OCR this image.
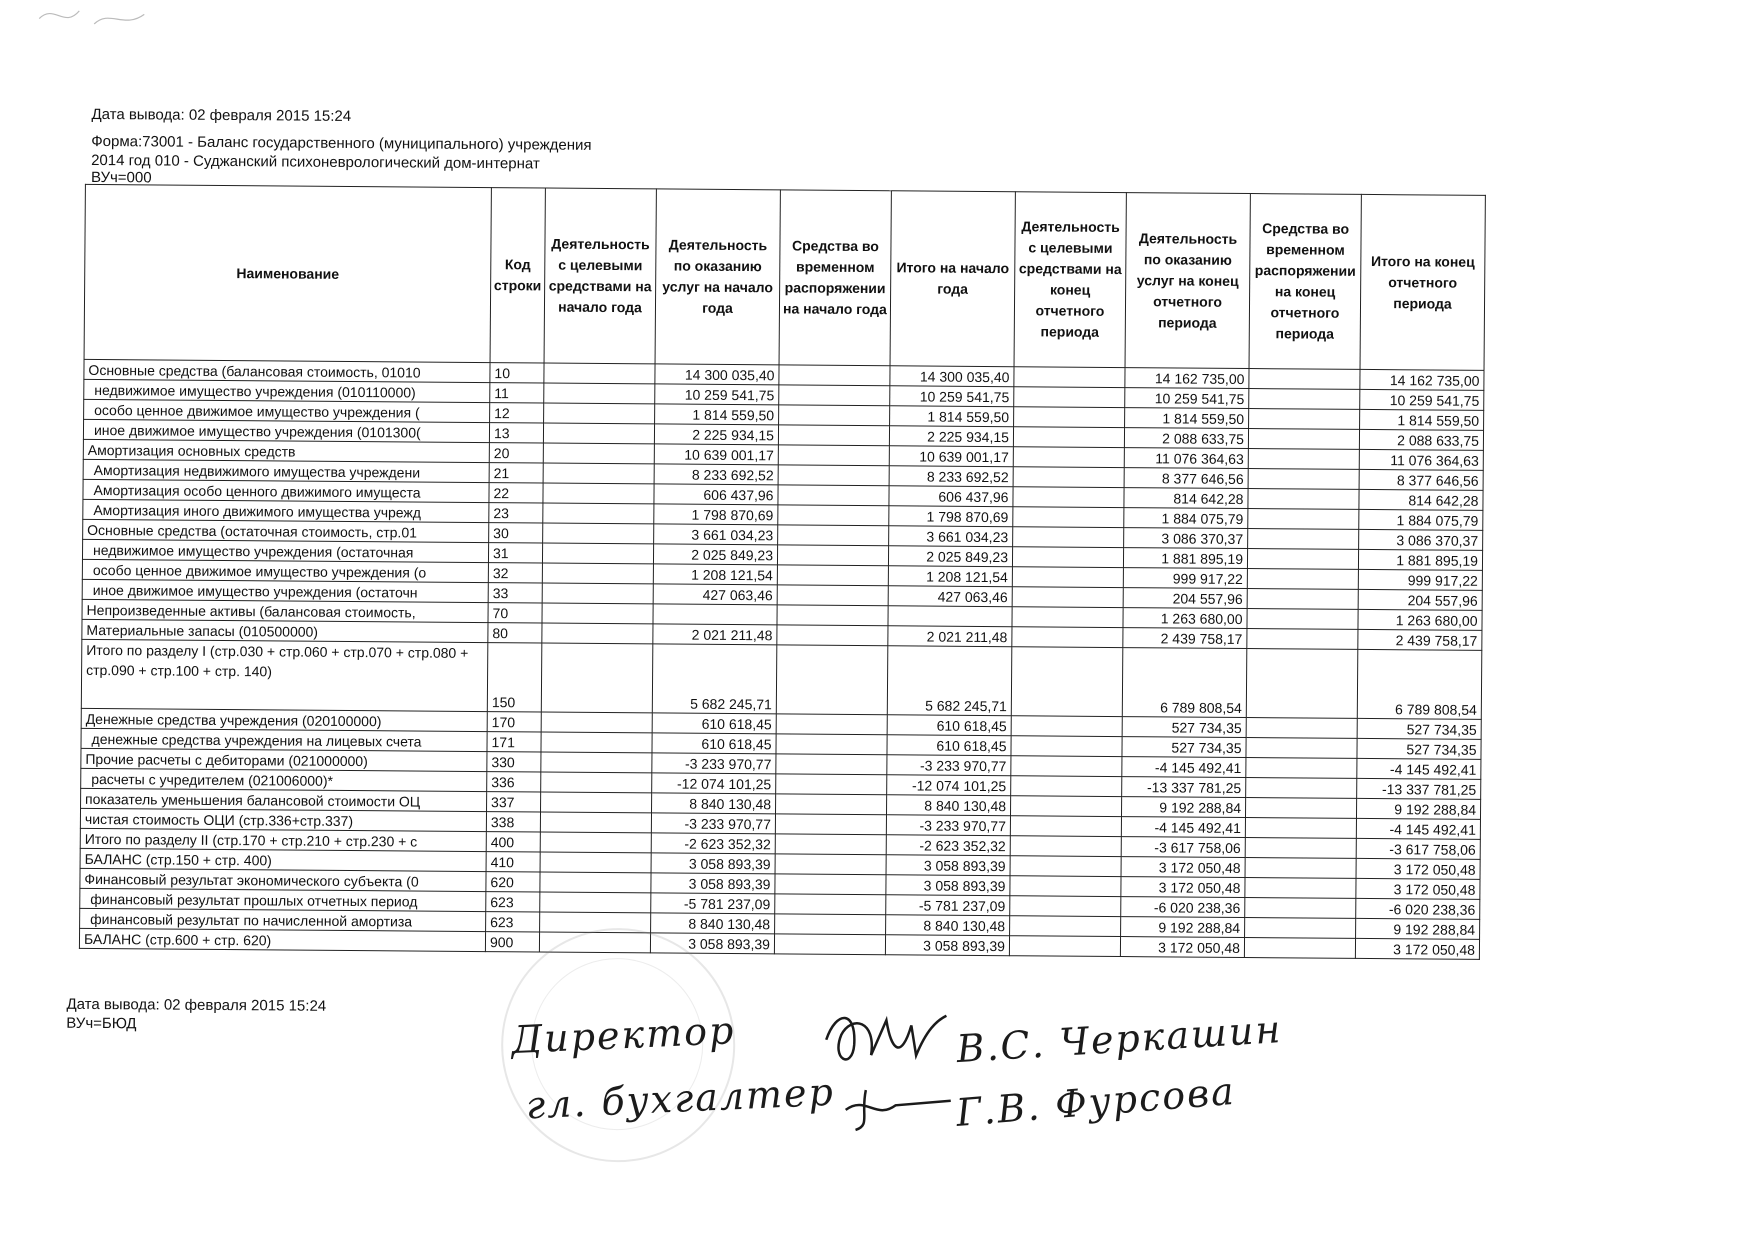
Дата вывода: 02 февраля 2015 15:24
Форма:73001 - Баланс государственного (муниципального) учреждения
2014 год 010 - Суджанский психоневрологический дом-интернат
ВУч=000
Наименование	Код строки	Деятельность с целевыми средствами на начало года	Деятельность по оказанию услуг на начало года	Средства во временном распоряжении на начало года	Итого на начало года	Деятельность с целевыми средствами на конец отчетного периода	Деятельность по оказанию услуг на конец отчетного периода	Средства во временном распоряжении на конец отчетного периода	Итого на конец отчетного периода
Основные средства (балансовая стоимость, 01010	10		14 300 035,40		14 300 035,40		14 162 735,00		14 162 735,00
недвижимое имущество учреждения (010110000)	11		10 259 541,75		10 259 541,75		10 259 541,75		10 259 541,75
особо ценное движимое имущество учреждения (	12		1 814 559,50		1 814 559,50		1 814 559,50		1 814 559,50
иное движимое имущество учреждения (0101300(	13		2 225 934,15		2 225 934,15		2 088 633,75		2 088 633,75
Амортизация основных средств	20		10 639 001,17		10 639 001,17		11 076 364,63		11 076 364,63
Амортизация недвижимого имущества учреждени	21		8 233 692,52		8 233 692,52		8 377 646,56		8 377 646,56
Амортизация особо ценного движимого имущеста	22		606 437,96		606 437,96		814 642,28		814 642,28
Амортизация иного движимого имущества учрежд	23		1 798 870,69		1 798 870,69		1 884 075,79		1 884 075,79
Основные средства (остаточная стоимость, стр.01	30		3 661 034,23		3 661 034,23		3 086 370,37		3 086 370,37
недвижимое имущество учреждения (остаточная	31		2 025 849,23		2 025 849,23		1 881 895,19		1 881 895,19
особо ценное движимое имущество учреждения (о	32		1 208 121,54		1 208 121,54		999 917,22		999 917,22
иное движимое имущество учреждения (остаточн	33		427 063,46		427 063,46		204 557,96		204 557,96
Непроизведенные активы (балансовая стоимость,	70						1 263 680,00		1 263 680,00
Материальные запасы (010500000)	80		2 021 211,48		2 021 211,48		2 439 758,17		2 439 758,17
Итого по разделу I (стр.030 + стр.060 + стр.070 + стр.080 + стр.090 + стр.100 + стр. 140)	150		5 682 245,71		5 682 245,71		6 789 808,54		6 789 808,54
Денежные средства учреждения (020100000)	170		610 618,45		610 618,45		527 734,35		527 734,35
денежные средства учреждения на лицевых счета	171		610 618,45		610 618,45		527 734,35		527 734,35
Прочие расчеты с дебиторами (021000000)	330		-3 233 970,77		-3 233 970,77		-4 145 492,41		-4 145 492,41
расчеты с учредителем (021006000)*	336		-12 074 101,25		-12 074 101,25		-13 337 781,25		-13 337 781,25
показатель уменьшения балансовой стоимости ОЦ	337		8 840 130,48		8 840 130,48		9 192 288,84		9 192 288,84
чистая стоимость ОЦИ (стр.336+стр.337)	338		-3 233 970,77		-3 233 970,77		-4 145 492,41		-4 145 492,41
Итого по разделу II (стр.170 + стр.210 + стр.230 + с	400		-2 623 352,32		-2 623 352,32		-3 617 758,06		-3 617 758,06
БАЛАНС (стр.150 + стр. 400)	410		3 058 893,39		3 058 893,39		3 172 050,48		3 172 050,48
Финансовый результат экономического субъекта (0	620		3 058 893,39		3 058 893,39		3 172 050,48		3 172 050,48
финансовый результат прошлых отчетных период	623		-5 781 237,09		-5 781 237,09		-6 020 238,36		-6 020 238,36
финансовый результат по начисленной амортиза	623		8 840 130,48		8 840 130,48		9 192 288,84		9 192 288,84
БАЛАНС (стр.600 + стр. 620)	900		3 058 893,39		3 058 893,39		3 172 050,48		3 172 050,48
Дата вывода: 02 февраля 2015 15:24
ВУч=БЮД	Директор
гл. бухгалтер
В.С. Черкашин
Г.В. Фурсова
